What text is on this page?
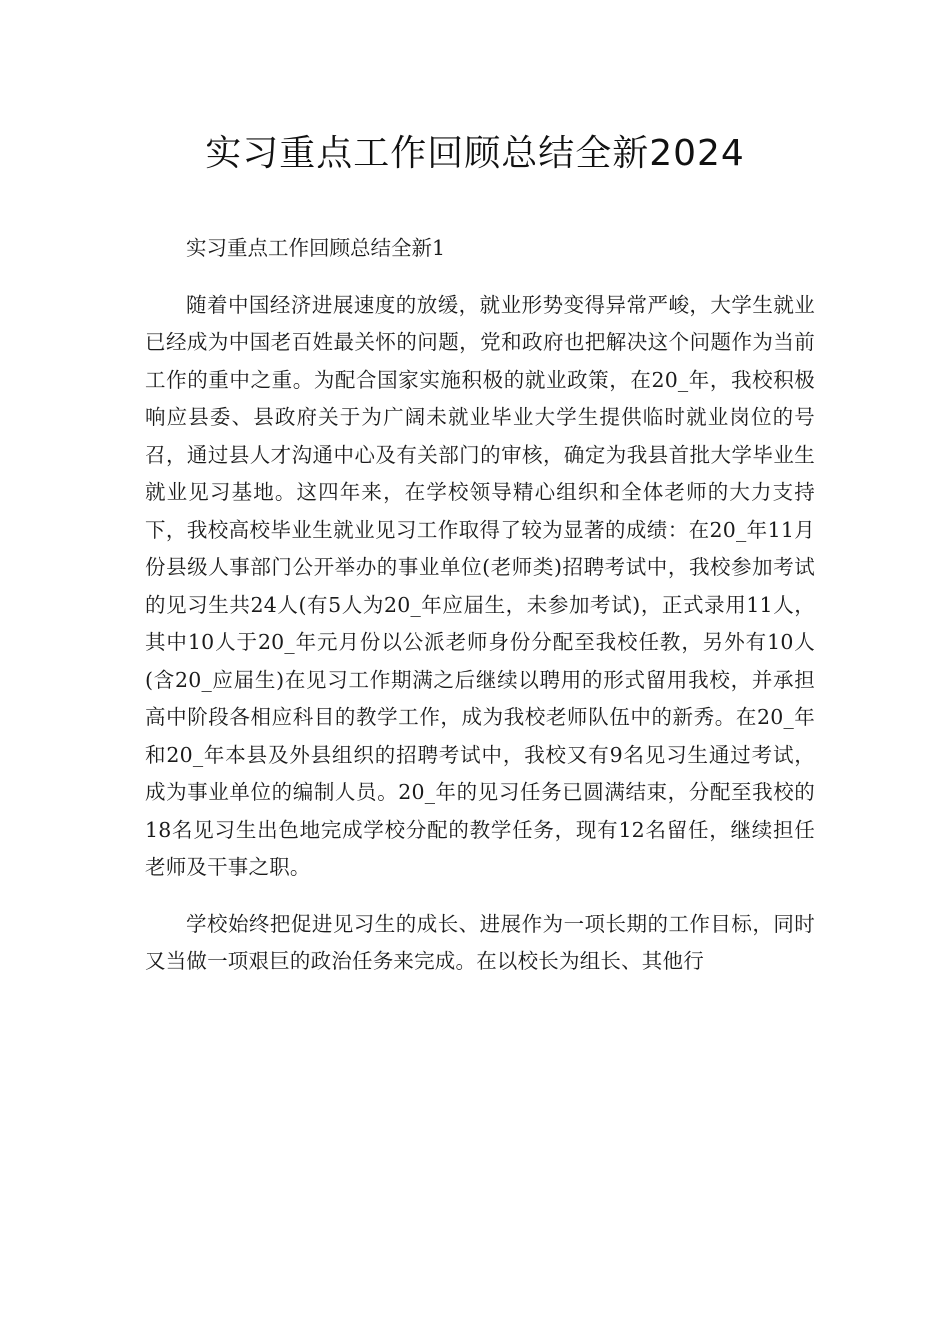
实习重点工作回顾总结全新2024

实习重点工作回顾总结全新1

随着中国经济进展速度的放缓，就业形势变得异常严峻，大学生就业已经成为中国老百姓最关怀的问题，党和政府也把解决这个问题作为当前工作的重中之重。为配合国家实施积极的就业政策，在20_年，我校积极响应县委、县政府关于为广阔未就业毕业大学生提供临时就业岗位的号召，通过县人才沟通中心及有关部门的审核，确定为我县首批大学毕业生就业见习基地。这四年来，在学校领导精心组织和全体老师的大力支持下，我校高校毕业生就业见习工作取得了较为显著的成绩：在20_年11月份县级人事部门公开举办的事业单位(老师类)招聘考试中，我校参加考试的见习生共24人(有5人为20_年应届生，未参加考试)，正式录用11人，其中10人于20_年元月份以公派老师身份分配至我校任教，另外有10人(含20_应届生)在见习工作期满之后继续以聘用的形式留用我校，并承担高中阶段各相应科目的教学工作，成为我校老师队伍中的新秀。在20_年和20_年本县及外县组织的招聘考试中，我校又有9名见习生通过考试，成为事业单位的编制人员。20_年的见习任务已圆满结束，分配至我校的18名见习生出色地完成学校分配的教学任务，现有12名留任，继续担任老师及干事之职。

学校始终把促进见习生的成长、进展作为一项长期的工作目标，同时又当做一项艰巨的政治任务来完成。在以校长为组长、其他行
